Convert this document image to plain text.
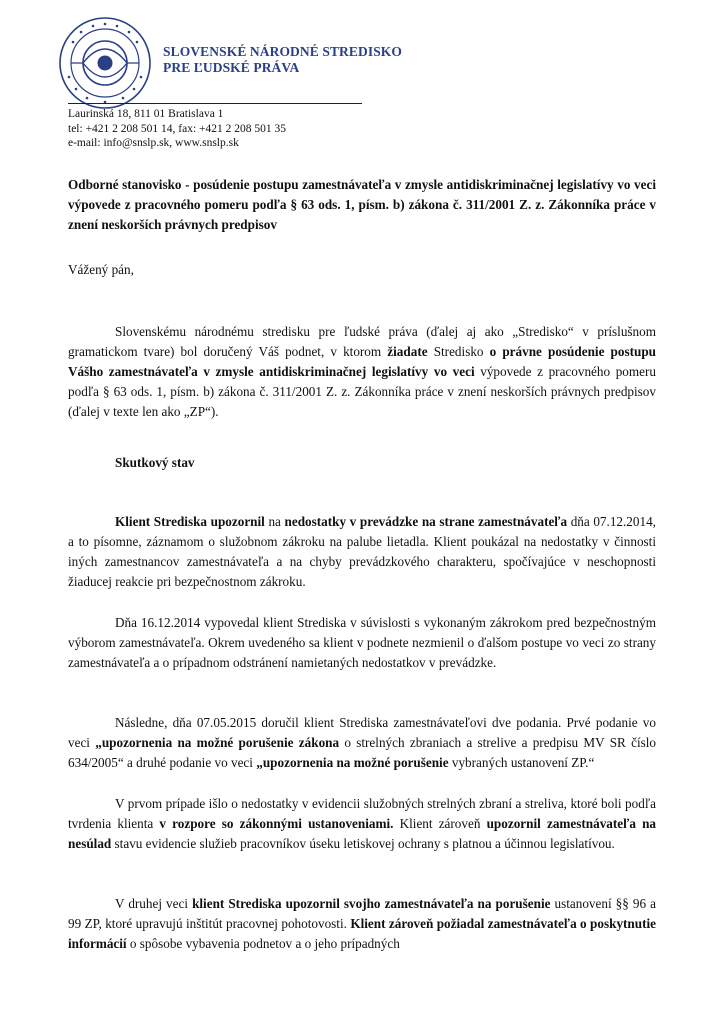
SLOVENSKÉ NÁRODNÉ STREDISKO
PRE ĽUDSKÉ PRÁVA
Laurinská 18, 811 01 Bratislava 1
tel: +421 2 208 501 14, fax: +421 2 208 501 35
e-mail: info@snslp.sk, www.snslp.sk
Odborné stanovisko - posúdenie postupu zamestnávateľa v zmysle antidiskriminačnej legislatívy vo veci výpovede z pracovného pomeru podľa § 63 ods. 1, písm. b) zákona č. 311/2001 Z. z. Zákonníka práce v znení neskorších právnych predpisov
Vážený pán,
Slovenskému národnému stredisku pre ľudské práva (ďalej aj ako „Stredisko“ v príslušnom gramatickom tvare) bol doručený Váš podnet, v ktorom žiadate Stredisko o právne posúdenie postupu Vášho zamestnávateľa v zmysle antidiskriminačnej legislatívy vo veci výpovede z pracovného pomeru podľa § 63 ods. 1, písm. b) zákona č. 311/2001 Z. z. Zákonníka práce v znení neskorších právnych predpisov (ďalej v texte len ako „ZP“).
Skutkový stav
Klient Strediska upozornil na nedostatky v prevádzke na strane zamestnávateľa dňa 07.12.2014, a to písomne, záznamom o služobnom zákroku na palube lietadla. Klient poukázal na nedostatky v činnosti iných zamestnancov zamestnávateľa a na chyby prevádzkového charakteru, spočívajúce v neschopnosti žiaducej reakcie pri bezpečnostnom zákroku.
Dňa 16.12.2014 vypovedal klient Strediska v súvislosti s vykonaným zákrokom pred bezpečnostným výborom zamestnávateľa. Okrem uvedeného sa klient v podnete nezmienil o ďalšom postupe vo veci zo strany zamestnávateľa a o prípadnom odstránení namietaných nedostatkov v prevádzke.
Následne, dňa 07.05.2015 doručil klient Strediska zamestnávateľovi dve podania. Prvé podanie vo veci „upozornenia na možné porušenie zákona o strelných zbraniach a strelive a predpisu MV SR číslo 634/2005“ a druhé podanie vo veci „upozornenia na možné porušenie vybraných ustanovení ZP.“
V prvom prípade išlo o nedostatky v evidencii služobných strelných zbraní a streliva, ktoré boli podľa tvrdenia klienta v rozpore so zákonnými ustanoveniami. Klient zároveň upozornil zamestnávateľa na nesúlad stavu evidencie služieb pracovníkov úseku letiskovej ochrany s platnou a účinnou legislatívou.
V druhej veci klient Strediska upozornil svojho zamestnávateľa na porušenie ustanovení §§ 96 a 99 ZP, ktoré upravujú inštitút pracovnej pohotovosti. Klient zároveň požiadal zamestnávateľa o poskytnutie informácií o spôsobe vybavenia podnetov a o jeho prípadných
